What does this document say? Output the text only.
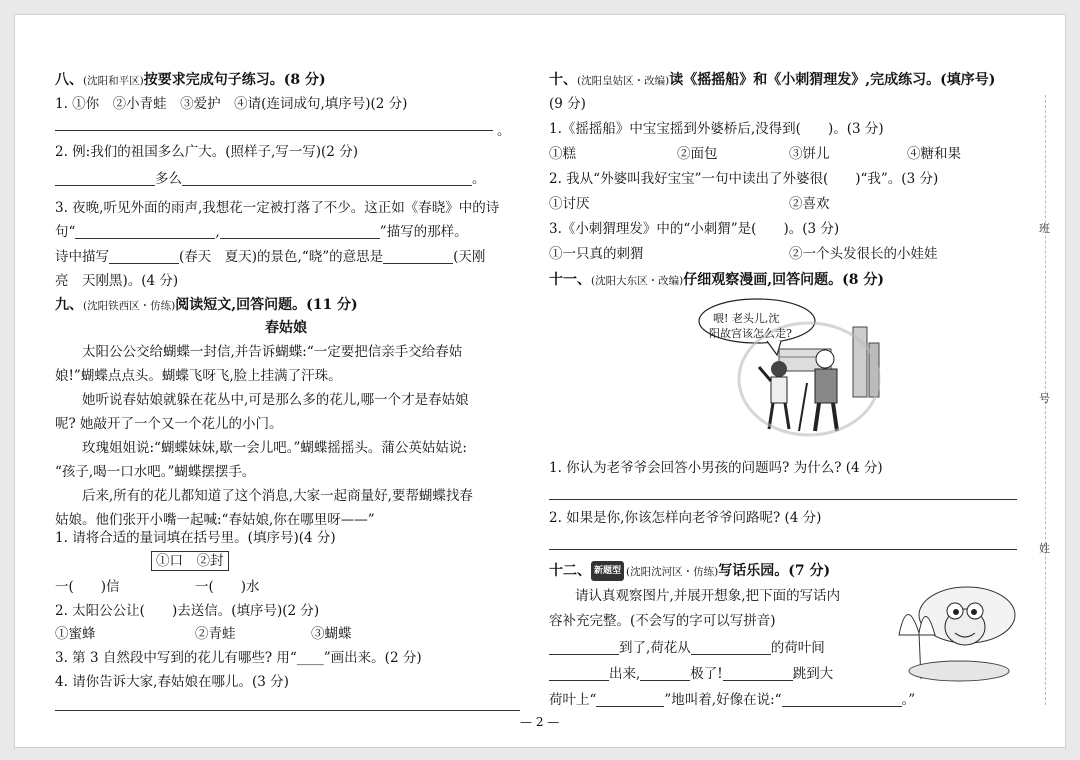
八、(沈阳和平区)按要求完成句子练习。(8 分)
1. ①你　②小青蛙　③爱护　④请(连词成句,填序号)(2 分)
。
2. 例:我们的祖国多么广大。(照样子,写一写)(2 分)
多么	。
3. 夜晚,听见外面的雨声,我想花一定被打落了不少。这正如《春晓》中的诗
句“	,	”描写的那样。
诗中描写	(春天　夏天)的景色,“晓”的意思是	(天刚
亮　天刚黑)。(4 分)
九、(沈阳铁西区・仿练)阅读短文,回答问题。(11 分)
春姑娘
太阳公公交给蝴蝶一封信,并告诉蝴蝶:“一定要把信亲手交给春姑
娘!”蝴蝶点点头。蝴蝶飞呀飞,脸上挂满了汗珠。
她听说春姑娘就躲在花丛中,可是那么多的花儿,哪一个才是春姑娘
呢? 她敲开了一个又一个花儿的小门。
玫瑰姐姐说:“蝴蝶妹妹,歇一会儿吧。”蝴蝶摇摇头。蒲公英姑姑说:
“孩子,喝一口水吧。”蝴蝶摆摆手。
后来,所有的花儿都知道了这个消息,大家一起商量好,要帮蝴蝶找春
姑娘。他们张开小嘴一起喊:“春姑娘,你在哪里呀——”
1. 请将合适的量词填在括号里。(填序号)(4 分)
①口　②封
一(　　)信	一(　　)水
2. 太阳公公让(　　)去送信。(填序号)(2 分)
①蜜蜂	②青蛙	③蝴蝶
3. 第 3 自然段中写到的花儿有哪些? 用“____”画出来。(2 分)
4. 请你告诉大家,春姑娘在哪儿。(3 分)
— 2 —
十、(沈阳皇姑区・改编)读《摇摇船》和《小刺猬理发》,完成练习。(填序号)
(9 分)
1.《摇摇船》中宝宝摇到外婆桥后,没得到(　　)。(3 分)
①糕	②面包	③饼儿	④糖和果
2. 我从“外婆叫我好宝宝”一句中读出了外婆很(　　)“我”。(3 分)
①讨厌	②喜欢
3.《小刺猬理发》中的“小刺猬”是(　　)。(3 分)
①一只真的刺猬	②一个头发很长的小娃娃
十一、(沈阳大东区・改编)仔细观察漫画,回答问题。(8 分)
喂! 老头儿,沈
阳故宫该怎么走?
1. 你认为老爷爷会回答小男孩的问题吗? 为什么? (4 分)
2. 如果是你,你该怎样向老爷爷问路呢? (4 分)
十二、 新题型 (沈阳沈河区・仿练)写话乐园。(7 分)
请认真观察图片,并展开想象,把下面的写话内
容补充完整。(不会写的字可以写拼音)
到了,荷花从	的荷叶间
出来,	极了!	跳到大
荷叶上“	”地叫着,好像在说:“	。”
班
号
姓
